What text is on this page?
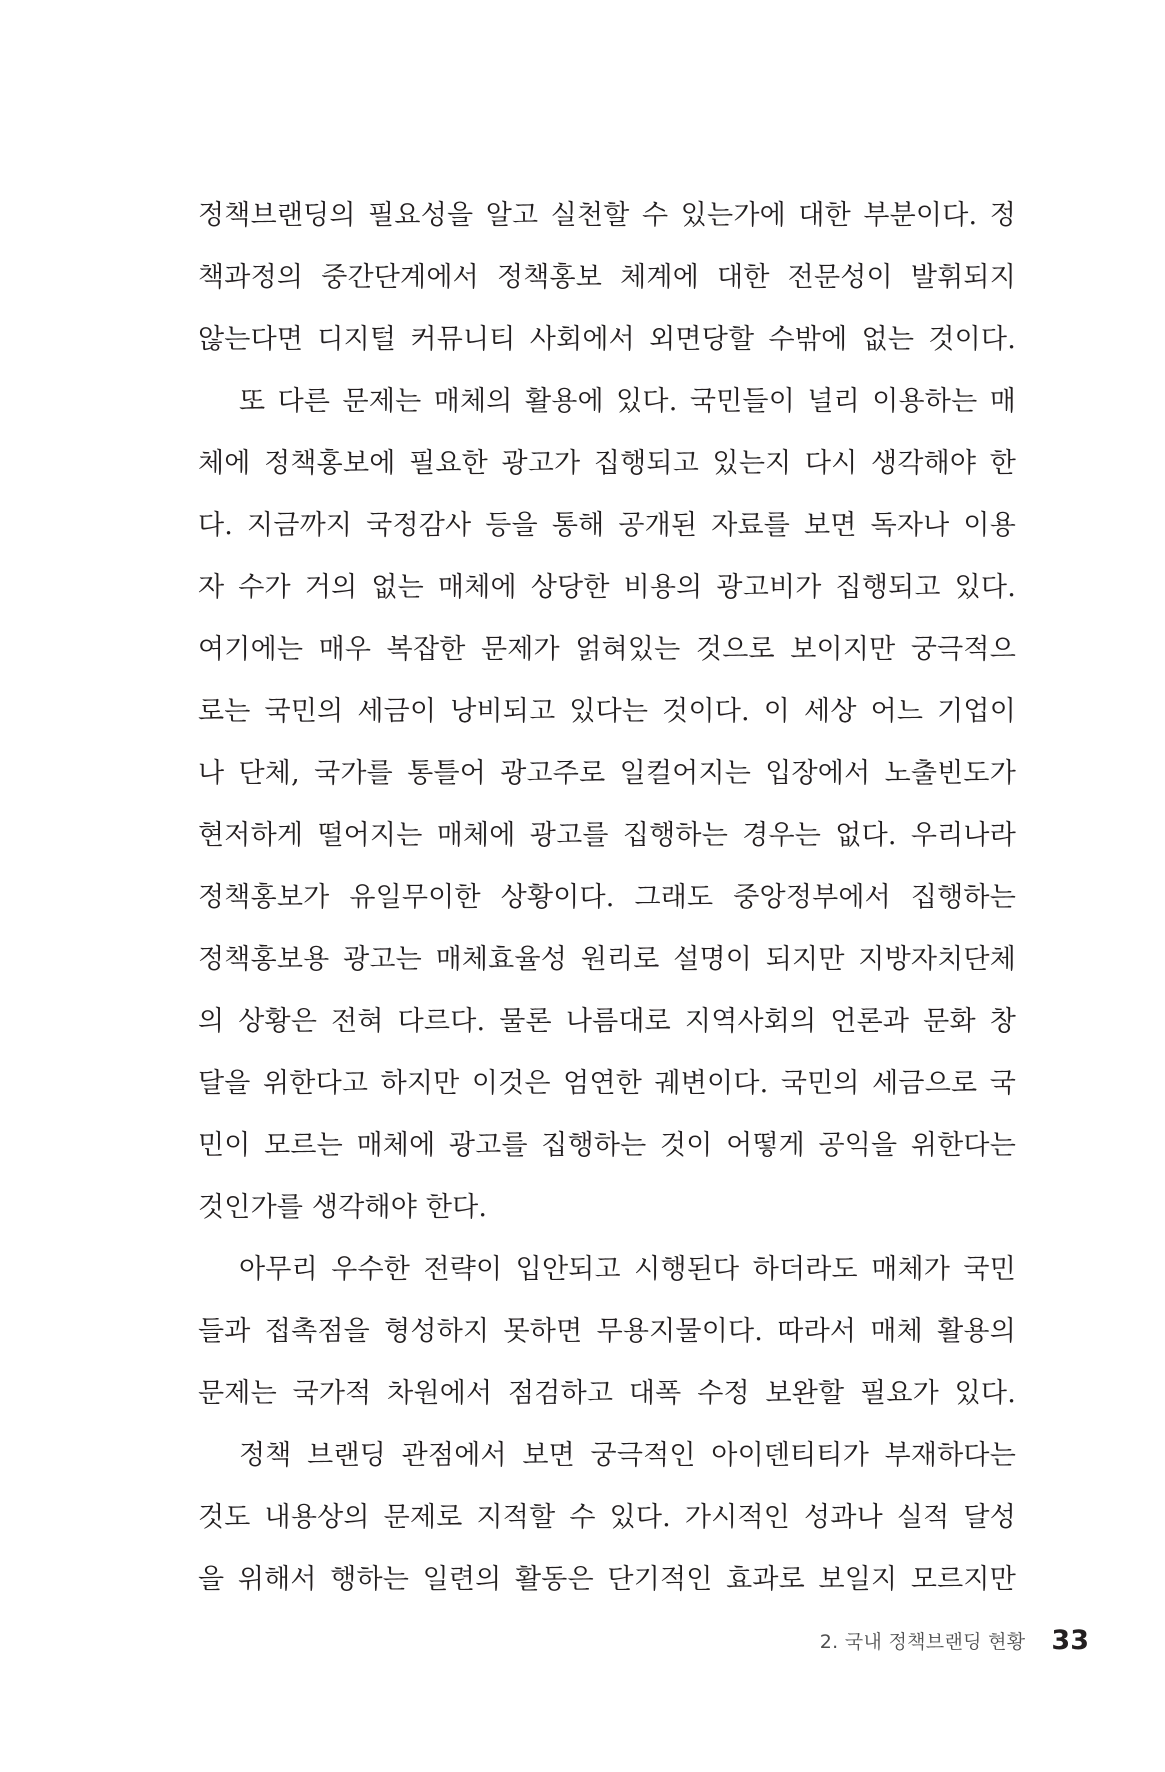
정책브랜딩의 필요성을 알고 실천할 수 있는가에 대한 부분이다. 정
책과정의 중간단계에서 정책홍보 체계에 대한 전문성이 발휘되지
않는다면 디지털 커뮤니티 사회에서 외면당할 수밖에 없는 것이다.
또 다른 문제는 매체의 활용에 있다. 국민들이 널리 이용하는 매
체에 정책홍보에 필요한 광고가 집행되고 있는지 다시 생각해야 한
다. 지금까지 국정감사 등을 통해 공개된 자료를 보면 독자나 이용
자 수가 거의 없는 매체에 상당한 비용의 광고비가 집행되고 있다.
여기에는 매우 복잡한 문제가 얽혀있는 것으로 보이지만 궁극적으
로는 국민의 세금이 낭비되고 있다는 것이다. 이 세상 어느 기업이
나 단체, 국가를 통틀어 광고주로 일컬어지는 입장에서 노출빈도가
현저하게 떨어지는 매체에 광고를 집행하는 경우는 없다. 우리나라
정책홍보가 유일무이한 상황이다. 그래도 중앙정부에서 집행하는
정책홍보용 광고는 매체효율성 원리로 설명이 되지만 지방자치단체
의 상황은 전혀 다르다. 물론 나름대로 지역사회의 언론과 문화 창
달을 위한다고 하지만 이것은 엄연한 궤변이다. 국민의 세금으로 국
민이 모르는 매체에 광고를 집행하는 것이 어떻게 공익을 위한다는
것인가를 생각해야 한다.
아무리 우수한 전략이 입안되고 시행된다 하더라도 매체가 국민
들과 접촉점을 형성하지 못하면 무용지물이다. 따라서 매체 활용의
문제는 국가적 차원에서 점검하고 대폭 수정 보완할 필요가 있다.
정책 브랜딩 관점에서 보면 궁극적인 아이덴티티가 부재하다는
것도 내용상의 문제로 지적할 수 있다. 가시적인 성과나 실적 달성
을 위해서 행하는 일련의 활동은 단기적인 효과로 보일지 모르지만
2. 국내 정책브랜딩 현황 33
